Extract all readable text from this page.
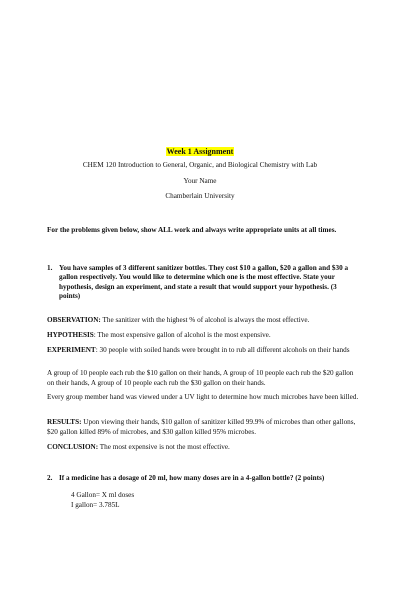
Week 1 Assignment
CHEM 120 Introduction to General, Organic, and Biological Chemistry with Lab
Your Name
Chamberlain University
For the problems given below, show ALL work and always write appropriate units at all times.
1. You have samples of 3 different sanitizer bottles. They cost $10 a gallon, $20 a gallon and $30 a gallon respectively. You would like to determine which one is the most effective. State your hypothesis, design an experiment, and state a result that would support your hypothesis. (3 points)
OBSERVATION: The sanitizer with the highest % of alcohol is always the most effective.
HYPOTHESIS: The most expensive gallon of alcohol is the most expensive.
EXPERIMENT: 30 people with soiled hands were brought in to rub all different alcohols on their hands
A group of 10 people each rub the $10 gallon on their hands, A group of 10 people each rub the $20 gallon on their hands, A group of 10 people each rub the $30 gallon on their hands.
Every group member hand was viewed under a UV light to determine how much microbes have been killed.
RESULTS: Upon viewing their hands, $10 gallon of sanitizer killed 99.9% of microbes than other gallons, $20 gallon killed 89% of microbes, and $30 gallon killed 95% microbes.
CONCLUSION: The most expensive is not the most effective.
2. If a medicine has a dosage of 20 ml, how many doses are in a 4-gallon bottle? (2 points)
4 Gallon= X ml doses
I gallon= 3.785L
